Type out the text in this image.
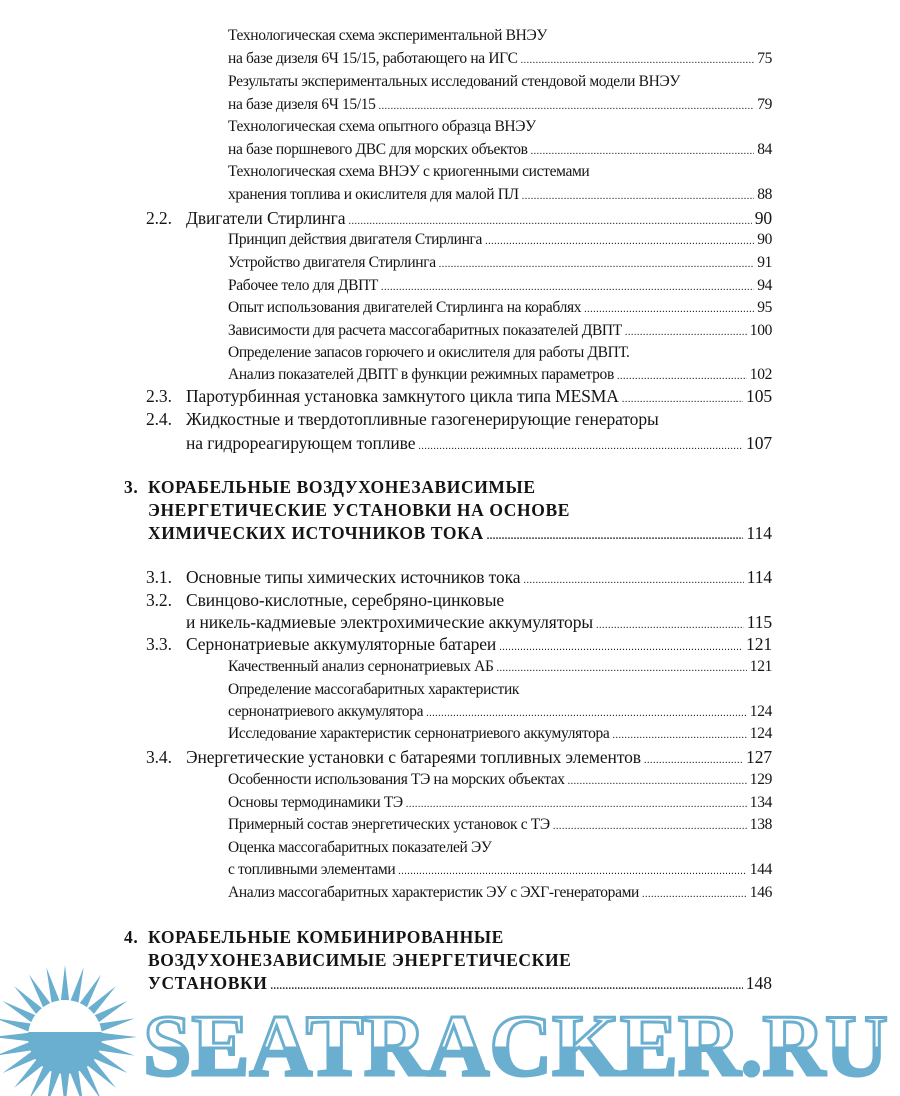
Технологическая схема экспериментальной ВНЭУ
на базе дизеля 6Ч 15/15, работающего на ИГС .....	75
Результаты экспериментальных исследований стендовой модели ВНЭУ
на базе дизеля 6Ч 15/15 .....	79
Технологическая схема опытного образца ВНЭУ
на базе поршневого ДВС для морских объектов .....	84
Технологическая схема ВНЭУ с криогенными системами
хранения топлива и окислителя для малой ПЛ .....	88
2.2. Двигатели Стирлинга .....	90
Принцип действия двигателя Стирлинга .....	90
Устройство двигателя Стирлинга .....	91
Рабочее тело для ДВПТ .....	94
Опыт использования двигателей Стирлинга на кораблях .....	95
Зависимости для расчета массогабаритных показателей ДВПТ .....	100
Определение запасов горючего и окислителя для работы ДВПТ.
Анализ показателей ДВПТ в функции режимных параметров .....	102
2.3. Паротурбинная установка замкнутого цикла типа MESMA .....	105
2.4. Жидкостные и твердотопливные газогенерирующие генераторы
на гидрореагирующем топливе .....	107
3. КОРАБЕЛЬНЫЕ ВОЗДУХОНЕЗАВИСИМЫЕ
ЭНЕРГЕТИЧЕСКИЕ УСТАНОВКИ НА ОСНОВЕ
ХИМИЧЕСКИХ ИСТОЧНИКОВ ТОКА .....	114
3.1. Основные типы химических источников тока .....	114
3.2. Свинцово-кислотные, серебряно-цинковые
и никель-кадмиевые электрохимические аккумуляторы .....	115
3.3. Сернонатриевые аккумуляторные батареи .....	121
Качественный анализ сернонатриевых АБ .....	121
Определение массогабаритных характеристик
сернонатриевого аккумулятора .....	124
Исследование характеристик сернонатриевого аккумулятора .....	124
3.4. Энергетические установки с батареями топливных элементов .....	127
Особенности использования ТЭ на морских объектах .....	129
Основы термодинамики ТЭ .....	134
Примерный состав энергетических установок с ТЭ .....	138
Оценка массогабаритных показателей ЭУ
с топливными элементами .....	144
Анализ массогабаритных характеристик ЭУ с ЭХГ-генераторами .....	146
4. КОРАБЕЛЬНЫЕ КОМБИНИРОВАННЫЕ
ВОЗДУХОНЕЗАВИСИМЫЕ ЭНЕРГЕТИЧЕСКИЕ
УСТАНОВКИ .....	148
SEATRACKER.RU
